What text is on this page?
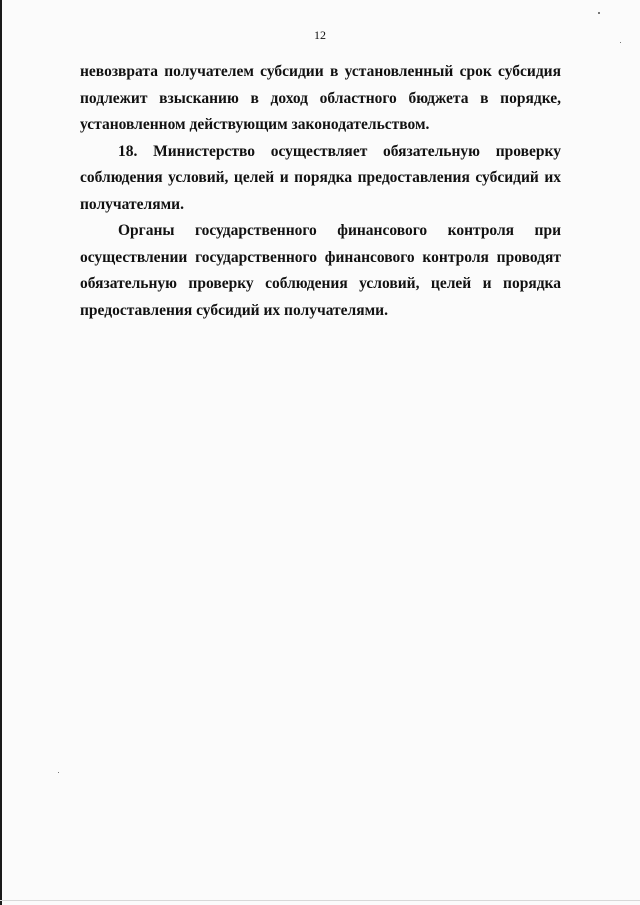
12

невозврата получателем субсидии в установленный срок субсидия подлежит взысканию в доход областного бюджета в порядке, установленном действующим законодательством.

18. Министерство осуществляет обязательную проверку соблюдения условий, целей и порядка предоставления субсидий их получателями.

Органы государственного финансового контроля при осуществлении государственного финансового контроля проводят обязательную проверку соблюдения условий, целей и порядка предоставления субсидий их получателями.
